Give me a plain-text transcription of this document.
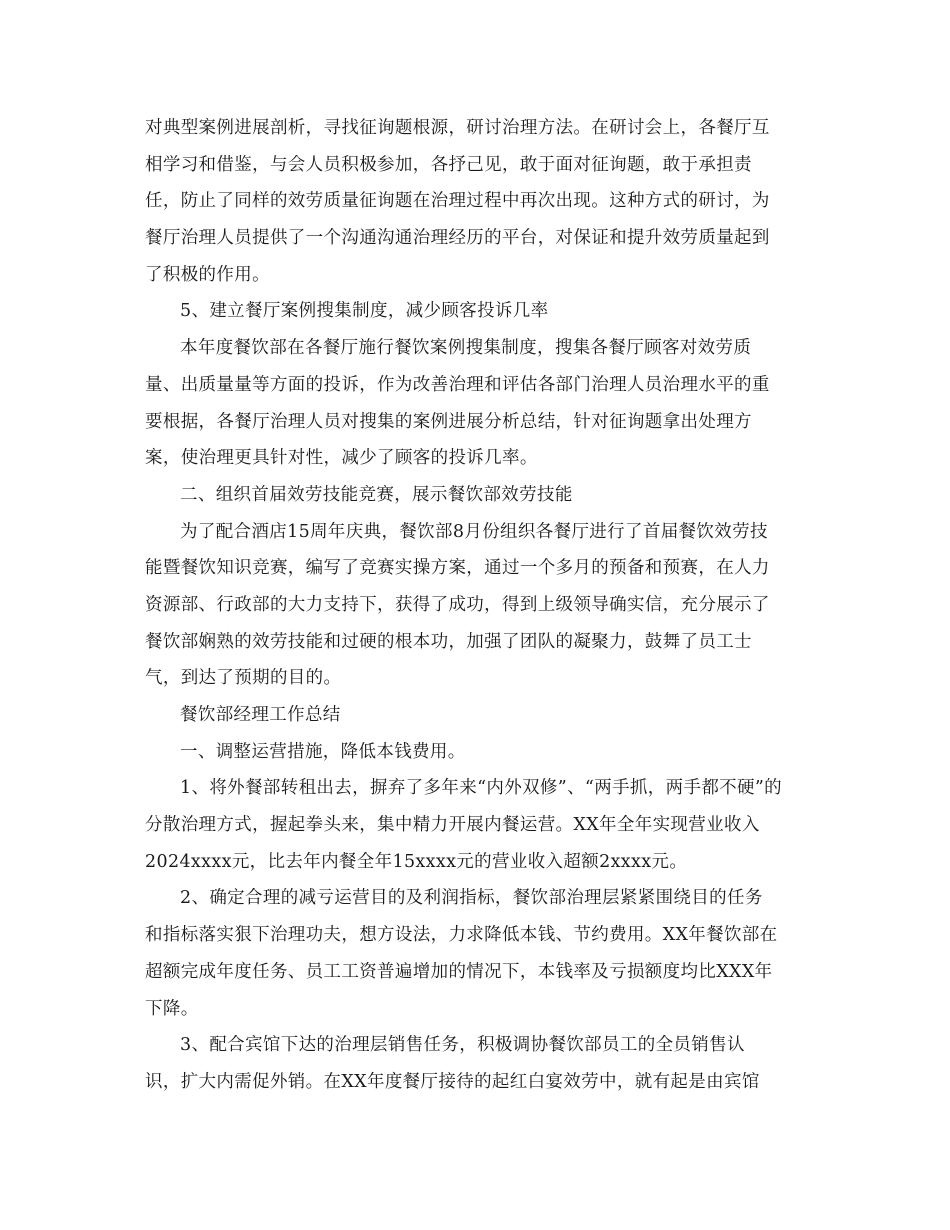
对典型案例进展剖析，寻找征询题根源，研讨治理方法。在研讨会上，各餐厅互
相学习和借鉴，与会人员积极参加，各抒己见，敢于面对征询题，敢于承担责
任，防止了同样的效劳质量征询题在治理过程中再次出现。这种方式的研讨，为
餐厅治理人员提供了一个沟通沟通治理经历的平台，对保证和提升效劳质量起到
了积极的作用。
5、建立餐厅案例搜集制度，减少顾客投诉几率
本年度餐饮部在各餐厅施行餐饮案例搜集制度，搜集各餐厅顾客对效劳质
量、出质量量等方面的投诉，作为改善治理和评估各部门治理人员治理水平的重
要根据，各餐厅治理人员对搜集的案例进展分析总结，针对征询题拿出处理方
案，使治理更具针对性，减少了顾客的投诉几率。
二、组织首届效劳技能竞赛，展示餐饮部效劳技能
为了配合酒店15周年庆典，餐饮部8月份组织各餐厅进行了首届餐饮效劳技
能暨餐饮知识竞赛，编写了竞赛实操方案，通过一个多月的预备和预赛，在人力
资源部、行政部的大力支持下，获得了成功，得到上级领导确实信，充分展示了
餐饮部娴熟的效劳技能和过硬的根本功，加强了团队的凝聚力，鼓舞了员工士
气，到达了预期的目的。
餐饮部经理工作总结
一、调整运营措施，降低本钱费用。
1、将外餐部转租出去，摒弃了多年来“内外双修”、“两手抓，两手都不硬”的
分散治理方式，握起拳头来，集中精力开展内餐运营。XX年全年实现营业收入
2024xxxx元，比去年内餐全年15xxxx元的营业收入超额2xxxx元。
2、确定合理的减亏运营目的及利润指标，餐饮部治理层紧紧围绕目的任务
和指标落实狠下治理功夫，想方设法，力求降低本钱、节约费用。XX年餐饮部在
超额完成年度任务、员工工资普遍增加的情况下，本钱率及亏损额度均比XXX年
下降。
3、配合宾馆下达的治理层销售任务，积极调协餐饮部员工的全员销售认
识，扩大内需促外销。在XX年度餐厅接待的起红白宴效劳中，就有起是由宾馆
